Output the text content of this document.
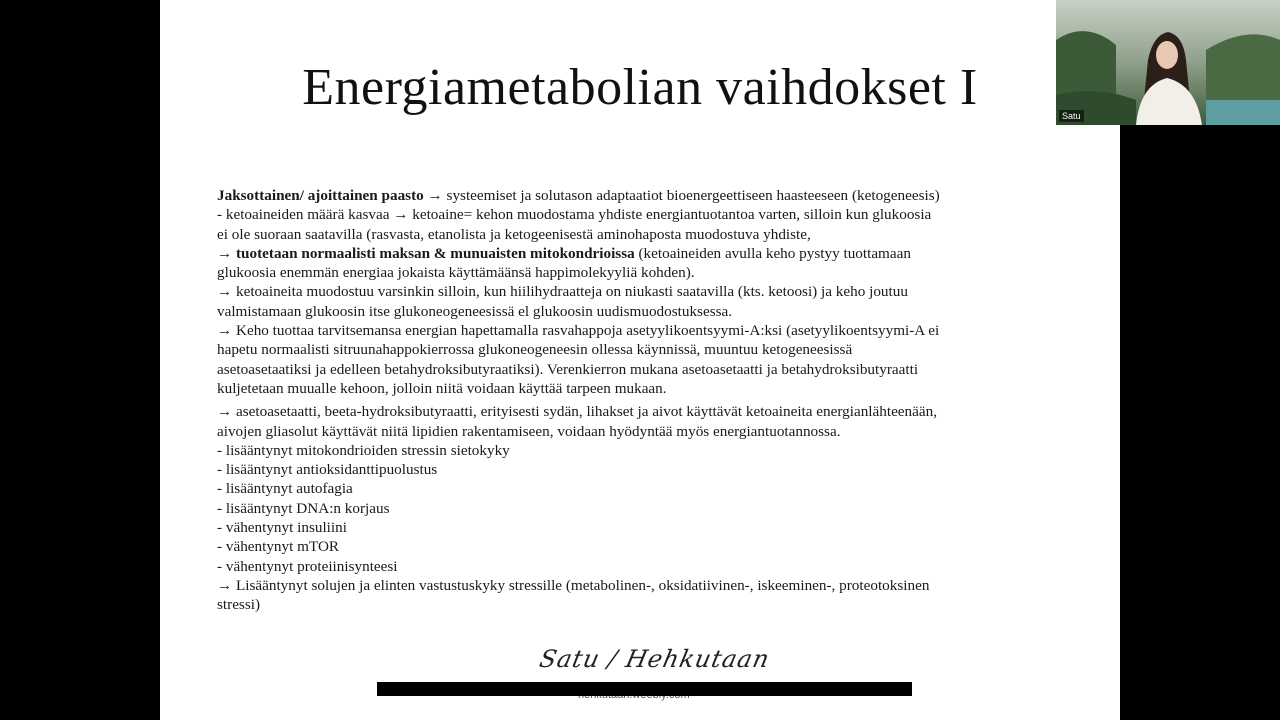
Energiametabolian vaihdokset I

Jaksottainen/ ajoittainen paasto → systeemiset ja solutason adaptaatiot bioenergeettiseen haasteeseen (ketogeneesis)

- ketoaineiden määrä kasvaa → ketoaine= kehon muodostama yhdiste energiantuotantoa varten, silloin kun glukoosia

ei ole suoraan saatavilla (rasvasta, etanolista ja ketogeenisestä aminohaposta muodostuva yhdiste,

→ tuotetaan normaalisti maksan & munuaisten mitokondrioissa (ketoaineiden avulla keho pystyy tuottamaan

glukoosia enemmän energiaa jokaista käyttämäänsä happimolekyyliä kohden).

→ ketoaineita muodostuu varsinkin silloin, kun hiilihydraatteja on niukasti saatavilla (kts. ketoosi) ja keho joutuu

valmistamaan glukoosin itse glukoneogeneesissä el glukoosin uudismuodostuksessa.

→ Keho tuottaa tarvitsemansa energian hapettamalla rasvahappoja asetyylikoentsyymi-A:ksi (asetyylikoentsyymi-A ei

hapetu normaalisti sitruunahappokierrossa glukoneogeneesin ollessa käynnissä, muuntuu ketogeneesissä

asetoasetaatiksi ja edelleen betahydroksibutyraatiksi). Verenkierron mukana asetoasetaatti ja betahydroksibutyraatti

kuljetetaan muualle kehoon, jolloin niitä voidaan käyttää tarpeen mukaan.

→ asetoasetaatti, beeta-hydroksibutyraatti, erityisesti sydän, lihakset ja aivot käyttävät ketoaineita energianlähteenään,

aivojen gliasolut käyttävät niitä lipidien rakentamiseen, voidaan hyödyntää myös energiantuotannossa.

- lisääntynyt mitokondrioiden stressin sietokyky

- lisääntynyt antioksidanttipuolustus

- lisääntynyt autofagia

- lisääntynyt DNA:n korjaus

- vähentynyt insuliini

- vähentynyt mTOR

- vähentynyt proteiinisynteesi

→ Lisääntynyt solujen ja elinten vastustuskyky stressille (metabolinen-, oksidatiivinen-, iskeeminen-, proteotoksinen

stressi)

Satu / Hehkutaan
Satu
